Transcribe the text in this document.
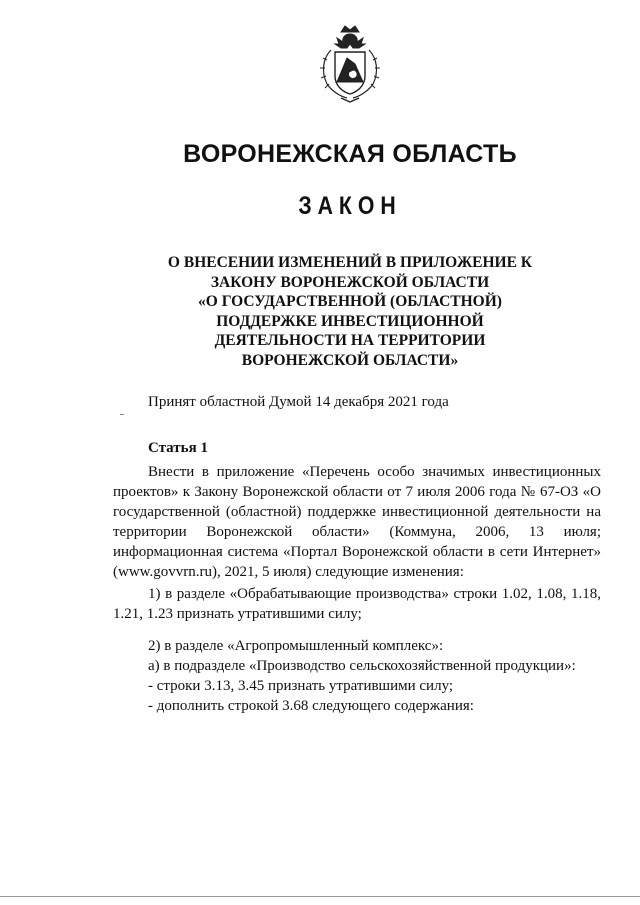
ВОРОНЕЖСКАЯ ОБЛАСТЬ
ЗАКОН
О ВНЕСЕНИИ ИЗМЕНЕНИЙ В ПРИЛОЖЕНИЕ К
ЗАКОНУ ВОРОНЕЖСКОЙ ОБЛАСТИ
«О ГОСУДАРСТВЕННОЙ (ОБЛАСТНОЙ)
ПОДДЕРЖКЕ ИНВЕСТИЦИОННОЙ
ДЕЯТЕЛЬНОСТИ НА ТЕРРИТОРИИ
ВОРОНЕЖСКОЙ ОБЛАСТИ»
Принят областной Думой 14 декабря 2021 года
Статья 1

Внести в приложение «Перечень особо значимых инвестиционных проектов» к Закону Воронежской области от 7 июля 2006 года № 67-ОЗ «О государственной (областной) поддержке инвестиционной деятельности на территории Воронежской области» (Коммуна, 2006, 13 июля; информационная система «Портал Воронежской области в сети Интернет» (www.govvrn.ru), 2021, 5 июля) следующие изменения:

1) в разделе «Обрабатывающие производства» строки 1.02, 1.08, 1.18, 1.21, 1.23 признать утратившими силу;

2) в разделе «Агропромышленный комплекс»:

а) в подразделе «Производство сельскохозяйственной продукции»:

- строки 3.13, 3.45 признать утратившими силу;

- дополнить строкой 3.68 следующего содержания:
